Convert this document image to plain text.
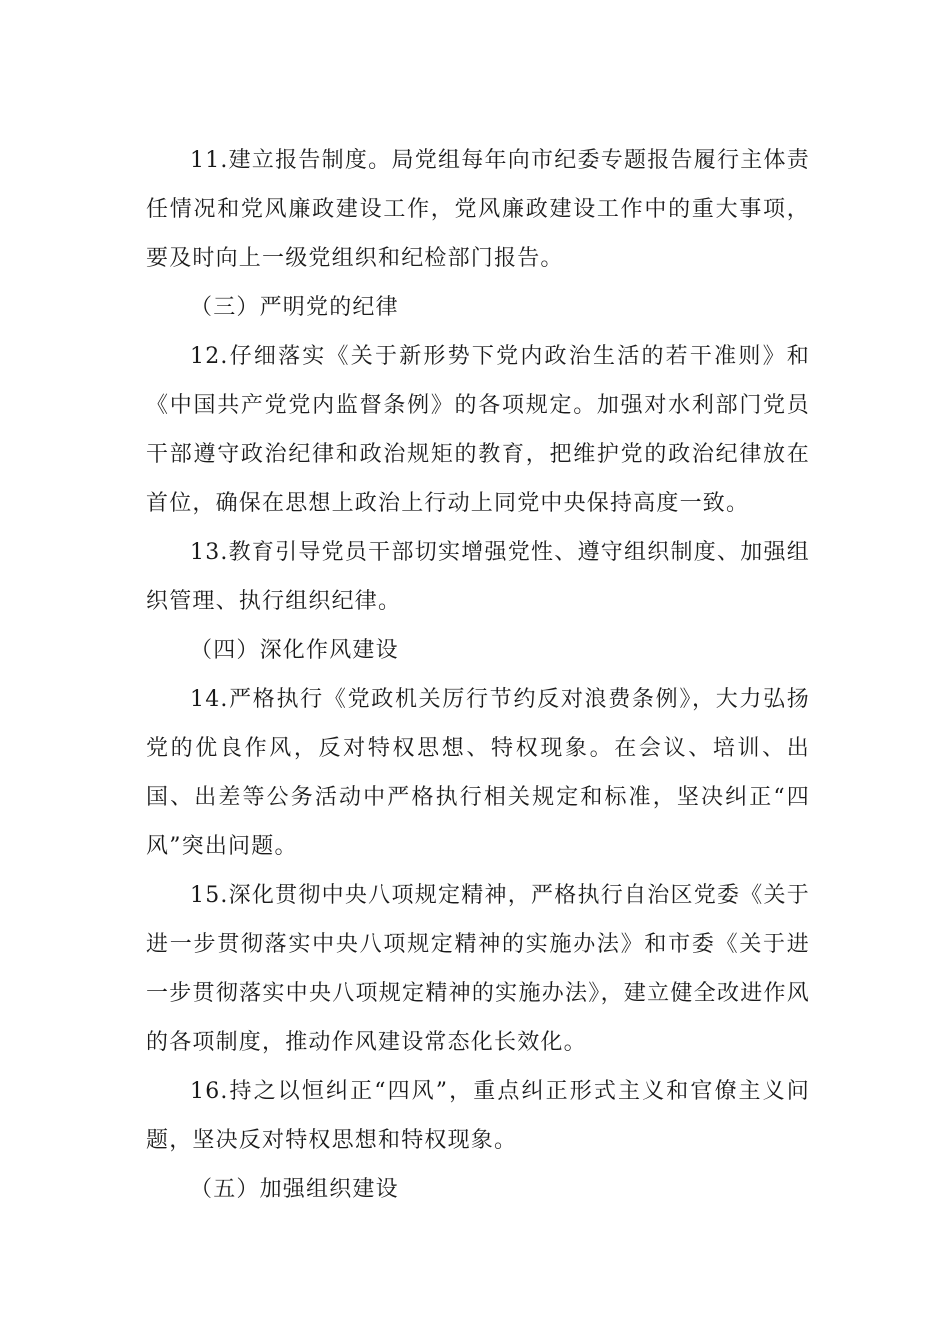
11.建立报告制度。局党组每年向市纪委专题报告履行主体责任情况和党风廉政建设工作，党风廉政建设工作中的重大事项，要及时向上一级党组织和纪检部门报告。

（三）严明党的纪律

12.仔细落实《关于新形势下党内政治生活的若干准则》和《中国共产党党内监督条例》的各项规定。加强对水利部门党员干部遵守政治纪律和政治规矩的教育，把维护党的政治纪律放在首位，确保在思想上政治上行动上同党中央保持高度一致。

13.教育引导党员干部切实增强党性、遵守组织制度、加强组织管理、执行组织纪律。

（四）深化作风建设

14.严格执行《党政机关厉行节约反对浪费条例》，大力弘扬党的优良作风，反对特权思想、特权现象。在会议、培训、出国、出差等公务活动中严格执行相关规定和标准，坚决纠正“四风”突出问题。

15.深化贯彻中央八项规定精神，严格执行自治区党委《关于进一步贯彻落实中央八项规定精神的实施办法》和市委《关于进一步贯彻落实中央八项规定精神的实施办法》，建立健全改进作风的各项制度，推动作风建设常态化长效化。

16.持之以恒纠正“四风”，重点纠正形式主义和官僚主义问题，坚决反对特权思想和特权现象。

（五）加强组织建设
